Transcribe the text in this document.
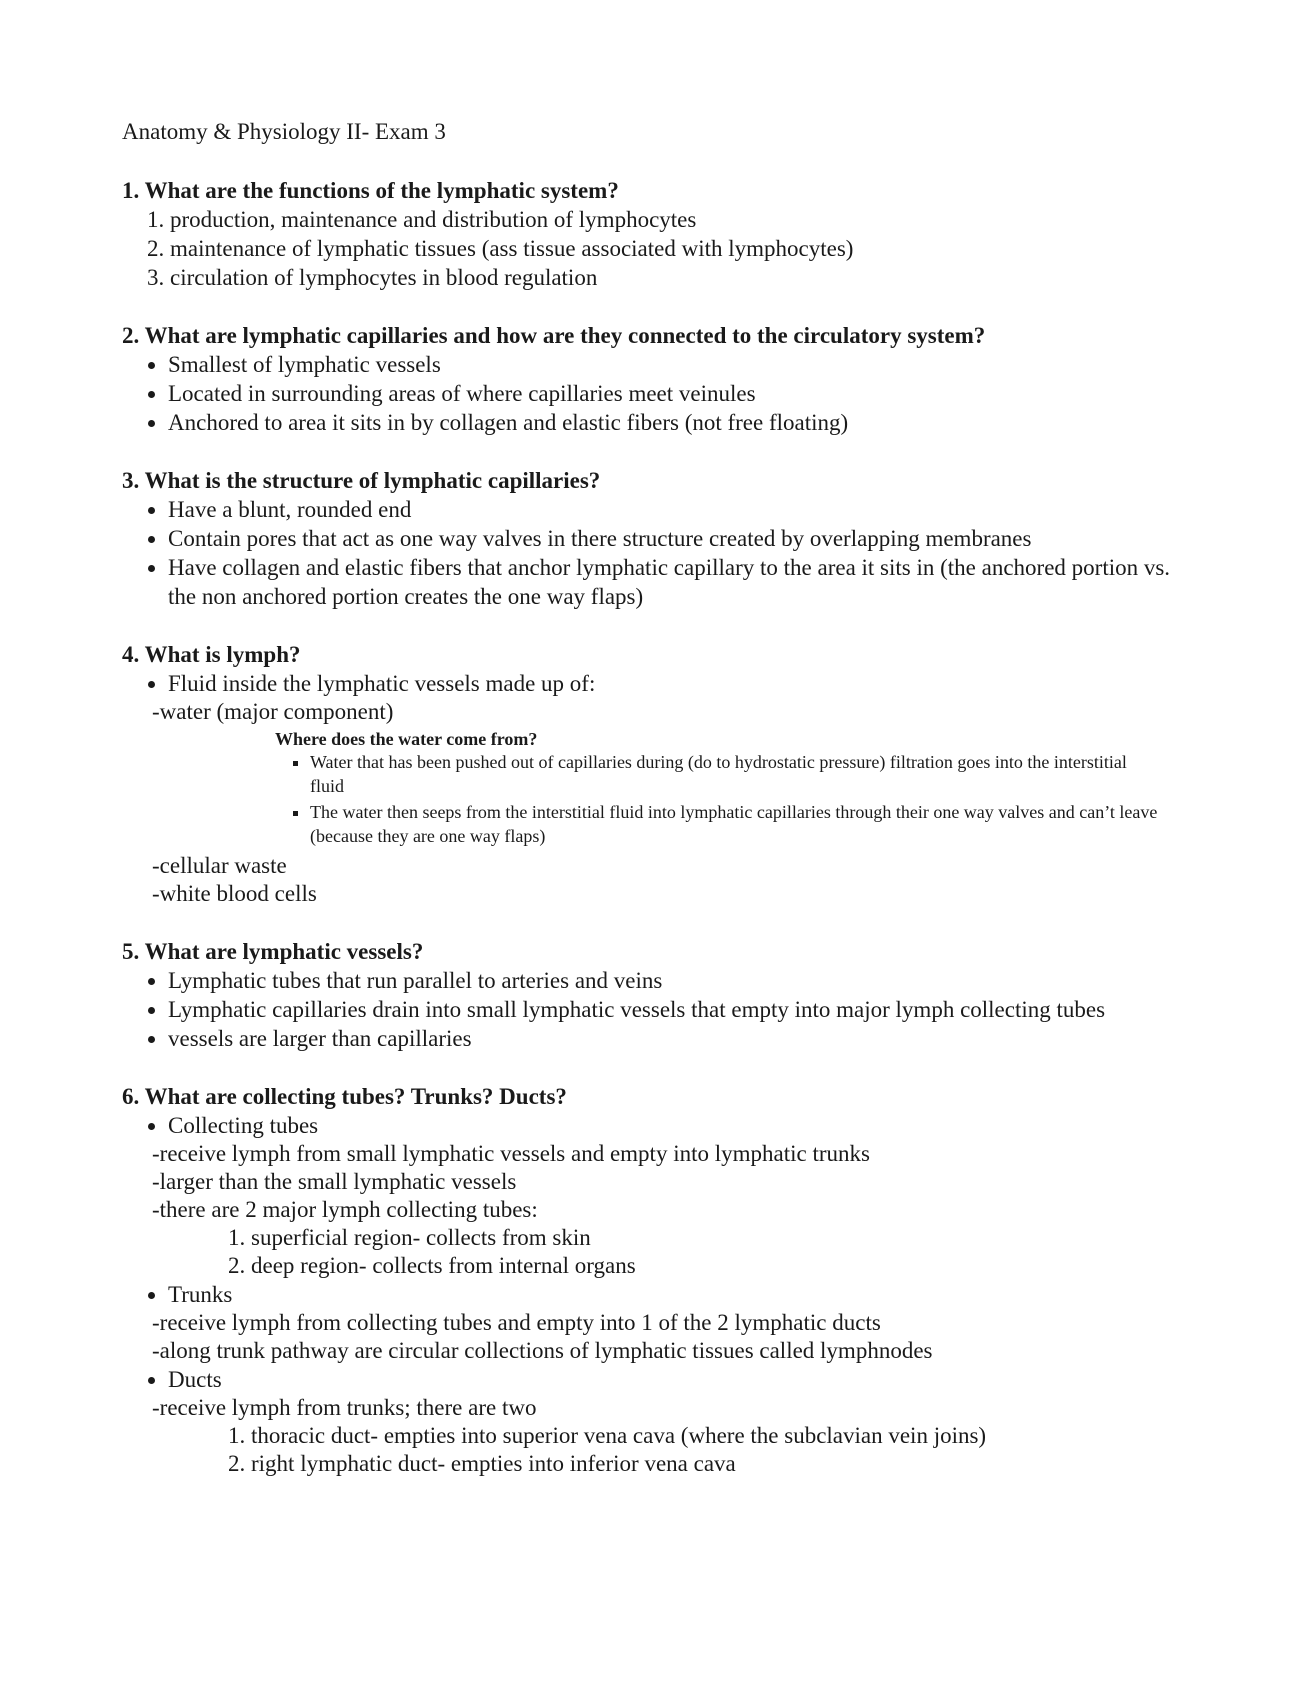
Anatomy & Physiology II- Exam 3
1. What are the functions of the lymphatic system?
1. production, maintenance and distribution of lymphocytes
2. maintenance of lymphatic tissues (ass tissue associated with lymphocytes)
3. circulation of lymphocytes in blood regulation
2. What are lymphatic capillaries and how are they connected to the circulatory system?
• Smallest of lymphatic vessels
• Located in surrounding areas of where capillaries meet veinules
• Anchored to area it sits in by collagen and elastic fibers (not free floating)
3. What is the structure of lymphatic capillaries?
• Have a blunt, rounded end
• Contain pores that act as one way valves in there structure created by overlapping membranes
• Have collagen and elastic fibers that anchor lymphatic capillary to the area it sits in (the anchored portion vs. the non anchored portion creates the one way flaps)
4. What is lymph?
• Fluid inside the lymphatic vessels made up of:
-water (major component)
Where does the water come from?
▪ Water that has been pushed out of capillaries during (do to hydrostatic pressure) filtration goes into the interstitial fluid
▪ The water then seeps from the interstitial fluid into lymphatic capillaries through their one way valves and can’t leave (because they are one way flaps)
-cellular waste
-white blood cells
5. What are lymphatic vessels?
• Lymphatic tubes that run parallel to arteries and veins
• Lymphatic capillaries drain into small lymphatic vessels that empty into major lymph collecting tubes
• vessels are larger than capillaries
6. What are collecting tubes? Trunks? Ducts?
• Collecting tubes
-receive lymph from small lymphatic vessels and empty into lymphatic trunks
-larger than the small lymphatic vessels
-there are 2 major lymph collecting tubes:
1. superficial region- collects from skin
2. deep region- collects from internal organs
• Trunks
-receive lymph from collecting tubes and empty into 1 of the 2 lymphatic ducts
-along trunk pathway are circular collections of lymphatic tissues called lymphnodes
• Ducts
-receive lymph from trunks; there are two
1. thoracic duct- empties into superior vena cava (where the subclavian vein joins)
2. right lymphatic duct- empties into inferior vena cava
